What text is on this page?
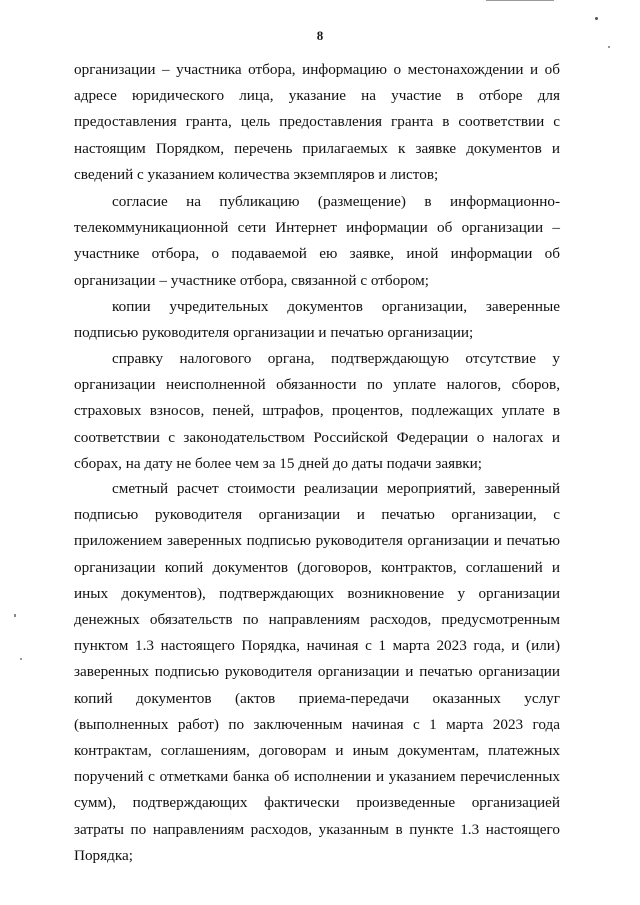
8
организации – участника отбора, информацию о местонахождении и об адресе юридического лица, указание на участие в отборе для предоставления гранта, цель предоставления гранта в соответствии с настоящим Порядком, перечень прилагаемых к заявке документов и сведений с указанием количества экземпляров и листов;
согласие на публикацию (размещение) в информационно-телекоммуникационной сети Интернет информации об организации – участнике отбора, о подаваемой ею заявке, иной информации об организации – участнике отбора, связанной с отбором;
копии учредительных документов организации, заверенные подписью руководителя организации и печатью организации;
справку налогового органа, подтверждающую отсутствие у организации неисполненной обязанности по уплате налогов, сборов, страховых взносов, пеней, штрафов, процентов, подлежащих уплате в соответствии с законодательством Российской Федерации о налогах и сборах, на дату не более чем за 15 дней до даты подачи заявки;
сметный расчет стоимости реализации мероприятий, заверенный подписью руководителя организации и печатью организации, с приложением заверенных подписью руководителя организации и печатью организации копий документов (договоров, контрактов, соглашений и иных документов), подтверждающих возникновение у организации денежных обязательств по направлениям расходов, предусмотренным пунктом 1.3 настоящего Порядка, начиная с 1 марта 2023 года, и (или) заверенных подписью руководителя организации и печатью организации копий документов (актов приема-передачи оказанных услуг (выполненных работ) по заключенным начиная с 1 марта 2023 года контрактам, соглашениям, договорам и иным документам, платежных поручений с отметками банка об исполнении и указанием перечисленных сумм), подтверждающих фактически произведенные организацией затраты по направлениям расходов, указанным в пункте 1.3 настоящего Порядка;
